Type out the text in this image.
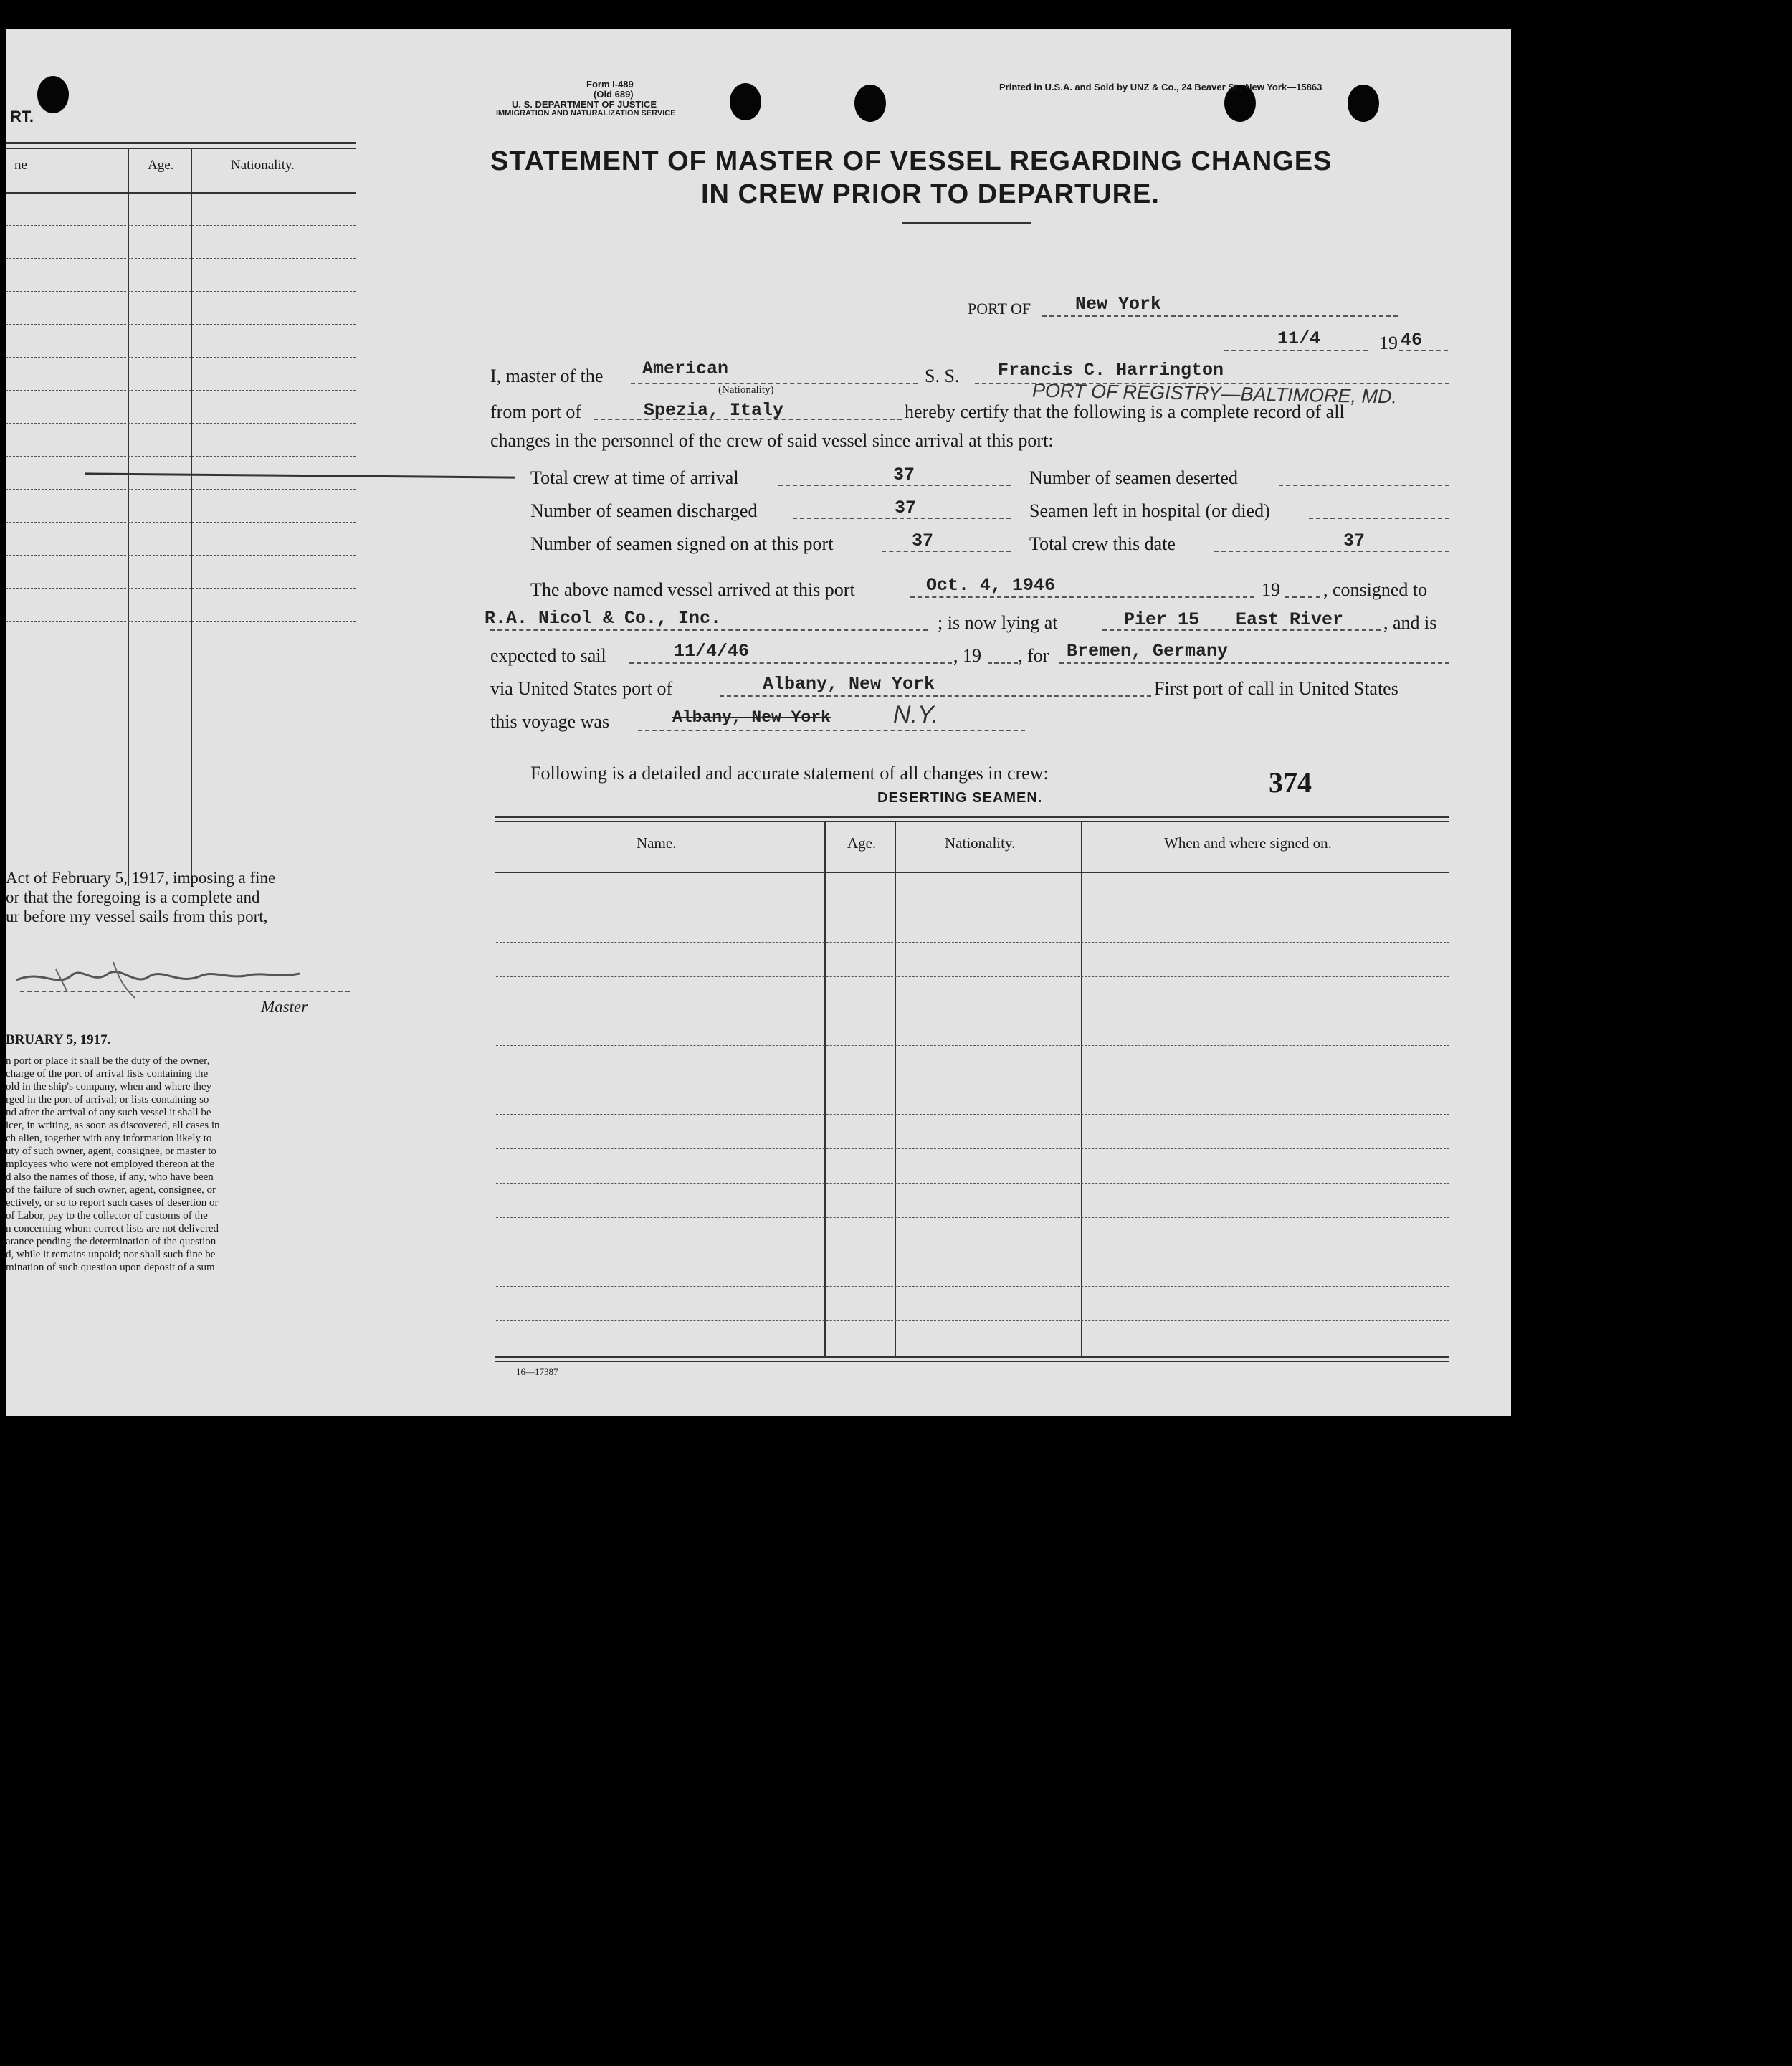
RT.
ne	Age.	Nationality.
Act of February 5, 1917, imposing a fine
or that the foregoing is a complete and
ur before my vessel sails from this port,
Master
BRUARY 5, 1917.
n port or place it shall be the duty of the owner,
charge of the port of arrival lists containing the
old in the ship's company, when and where they
rged in the port of arrival; or lists containing so
nd after the arrival of any such vessel it shall be
icer, in writing, as soon as discovered, all cases in
ch alien, together with any information likely to
uty of such owner, agent, consignee, or master to
mployees who were not employed thereon at the
d also the names of those, if any, who have been
of the failure of such owner, agent, consignee, or
ectively, or so to report such cases of desertion or
of Labor, pay to the collector of customs of the
n concerning whom correct lists are not delivered
arance pending the determination of the question
d, while it remains unpaid; nor shall such fine be
mination of such question upon deposit of a sum
Form I-489
(Old 689)
U. S. DEPARTMENT OF JUSTICE
IMMIGRATION AND NATURALIZATION SERVICE
Printed in U.S.A. and Sold by UNZ & Co., 24 Beaver St., New York—15863
STATEMENT OF MASTER OF VESSEL REGARDING CHANGES
IN CREW PRIOR TO DEPARTURE.
PORT OF New York
11/4	19 46
I, master of the American
(Nationality)
S. S. Francis C. Harrington
PORT OF REGISTRY—BALTIMORE, MD.
from port of	Spezia, Italy	hereby certify that the following is a complete record of all
changes in the personnel of the crew of said vessel since arrival at this port:
Total crew at time of arrival	37	Number of seamen deserted
Number of seamen discharged	37	Seamen left in hospital (or died)
Number of seamen signed on at this port	37	Total crew this date	37
The above named vessel arrived at this port	Oct. 4, 1946	19 , consigned to
R.A. Nicol & Co., Inc.	; is now lying at	Pier 15 East River , and is
expected to sail	11/4/46	, 19 , for Bremen, Germany
via United States port of	Albany, New York	First port of call in United States
this voyage was	Albany, New York	N.Y.
Following is a detailed and accurate statement of all changes in crew:	374
DESERTING SEAMEN.
Name.	Age.	Nationality.	When and where signed on.
16—17387
